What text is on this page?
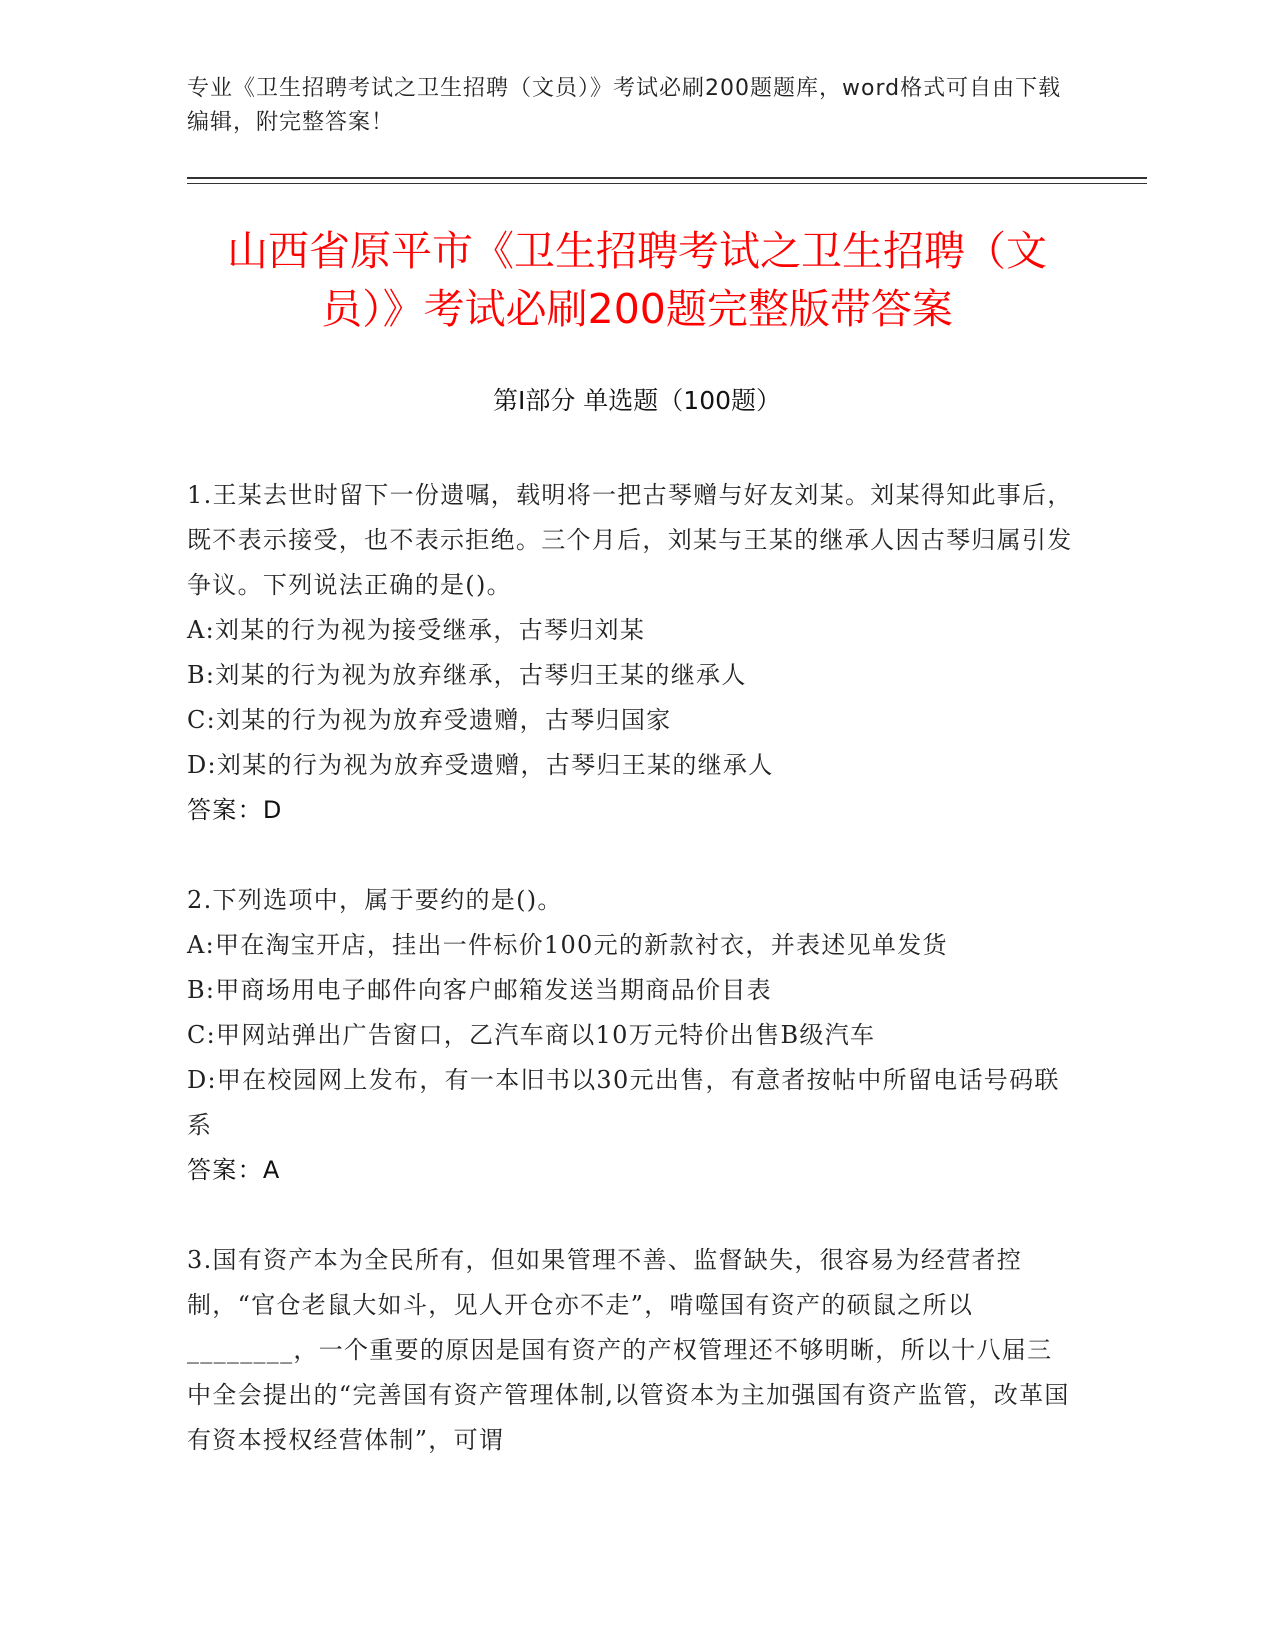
专业《卫生招聘考试之卫生招聘（文员）》考试必刷200题题库，word格式可自由下载编辑，附完整答案！
山西省原平市《卫生招聘考试之卫生招聘（文员）》考试必刷200题完整版带答案
第I部分 单选题（100题）

1.王某去世时留下一份遗嘱，载明将一把古琴赠与好友刘某。刘某得知此事后，既不表示接受，也不表示拒绝。三个月后，刘某与王某的继承人因古琴归属引发争议。下列说法正确的是()。

A:刘某的行为视为接受继承，古琴归刘某

B:刘某的行为视为放弃继承，古琴归王某的继承人

C:刘某的行为视为放弃受遗赠，古琴归国家

D:刘某的行为视为放弃受遗赠，古琴归王某的继承人

答案：D

2.下列选项中，属于要约的是()。

A:甲在淘宝开店，挂出一件标价100元的新款衬衣，并表述见单发货

B:甲商场用电子邮件向客户邮箱发送当期商品价目表

C:甲网站弹出广告窗口，乙汽车商以10万元特价出售B级汽车

D:甲在校园网上发布，有一本旧书以30元出售，有意者按帖中所留电话号码联系

答案：A

3.国有资产本为全民所有，但如果管理不善、监督缺失，很容易为经营者控制，“官仓老鼠大如斗，见人开仓亦不走”，啃噬国有资产的硕鼠之所以________，一个重要的原因是国有资产的产权管理还不够明晰，所以十八届三中全会提出的“完善国有资产管理体制,以管资本为主加强国有资产监管，改革国有资本授权经营体制”，可谓
